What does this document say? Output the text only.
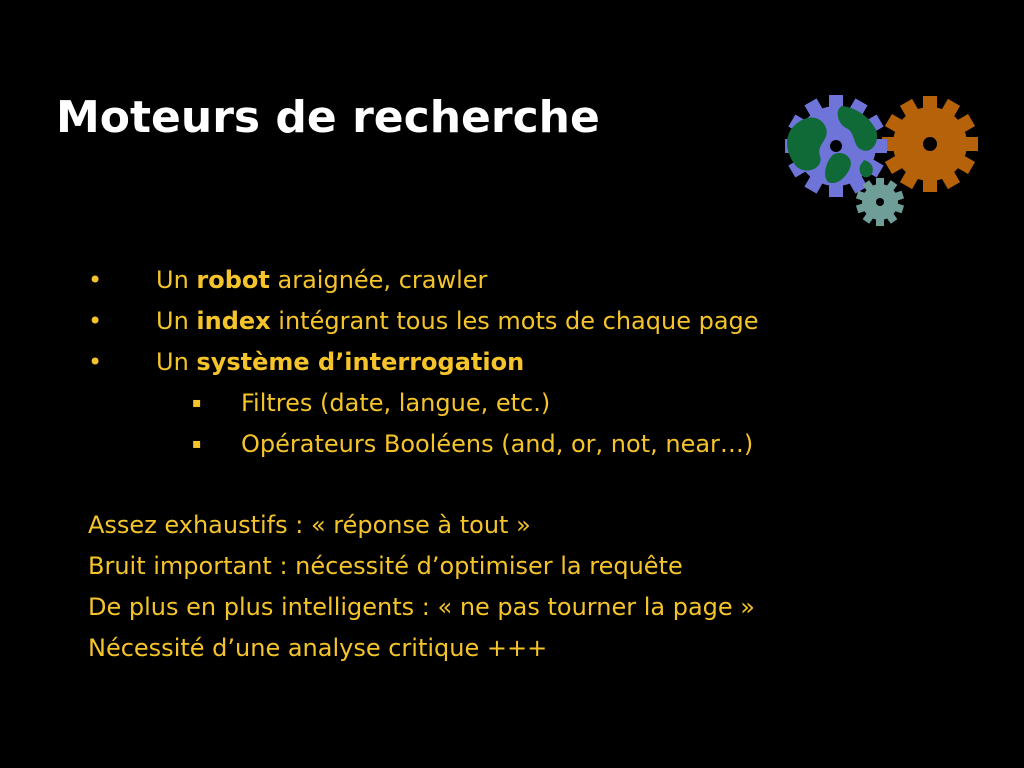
Moteurs de recherche
• Un robot araignée, crawler
• Un index intégrant tous les mots de chaque page
• Un système d’interrogation
▪ Filtres (date, langue, etc.)
▪ Opérateurs Booléens (and, or, not, near…)
Assez exhaustifs : « réponse à tout »
Bruit important : nécessité d’optimiser la requête
De plus en plus intelligents : « ne pas tourner la page »
Nécessité d’une analyse critique +++
